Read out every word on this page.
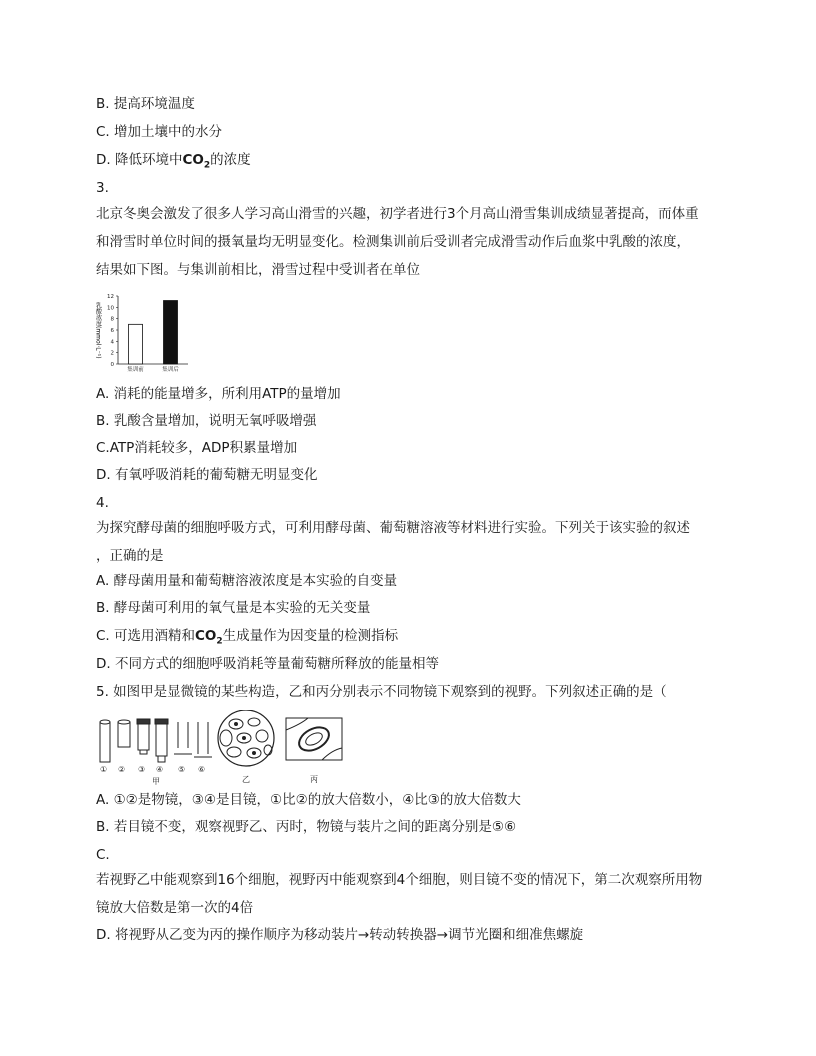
B. 提高环境温度
C. 增加土壤中的水分
D. 降低环境中$CO_2$的浓度
3.
北京冬奥会激发了很多人学习高山滑雪的兴趣，初学者进行3个月高山滑雪集训成绩显著提高，而体重
和滑雪时单位时间的摄氧量均无明显变化。检测集训前后受训者完成滑雪动作后血浆中乳酸的浓度，
结果如下图。与集训前相比，滑雪过程中受训者在单位
乳酸浓度(mmol·L⁻¹)
0
2
4
6
8
10
12
集训前	集训后
A. 消耗的能量增多，所利用ATP的量增加
B. 乳酸含量增加，说明无氧呼吸增强
C.ATP消耗较多，ADP积累量增加
D. 有氧呼吸消耗的葡萄糖无明显变化
4.
为探究酵母菌的细胞呼吸方式，可利用酵母菌、葡萄糖溶液等材料进行实验。下列关于该实验的叙述
，正确的是
A. 酵母菌用量和葡萄糖溶液浓度是本实验的自变量
B. 酵母菌可利用的氧气量是本实验的无关变量
C. 可选用酒精和$CO_2$生成量作为因变量的检测指标
D. 不同方式的细胞呼吸消耗等量葡萄糖所释放的能量相等
5. 如图甲是显微镜的某些构造，乙和丙分别表示不同物镜下观察到的视野。下列叙述正确的是（
① ② ③ ④ ⑤ ⑥
甲	乙	丙
A. ①②是物镜，③④是目镜，①比②的放大倍数小，④比③的放大倍数大
B. 若目镜不变，观察视野乙、丙时，物镜与装片之间的距离分别是⑤⑥
C.
若视野乙中能观察到16个细胞，视野丙中能观察到4个细胞，则目镜不变的情况下，第二次观察所用物
镜放大倍数是第一次的4倍
D. 将视野从乙变为丙的操作顺序为移动装片→转动转换器→调节光圈和细准焦螺旋
